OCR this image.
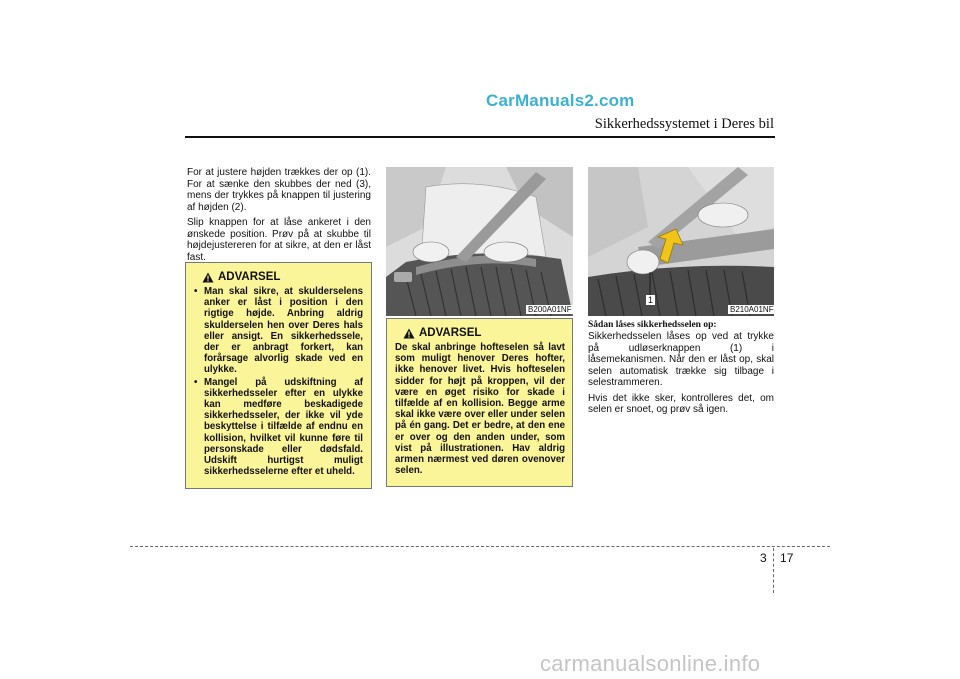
CarManuals2.com
Sikkerhedssystemet i Deres bil

For at justere højden trækkes der op (1). For at sænke den skubbes der ned (3), mens der trykkes på knappen til justering af højden (2).

Slip knappen for at låse ankeret i den ønskede position. Prøv på at skubbe til højdejustereren for at sikre, at den er låst fast.

ADVARSEL
• Man skal sikre, at skulderselens anker er låst i position i den rigtige højde. Anbring aldrig skulderselen hen over Deres hals eller ansigt. En sikkerhedssele, der er anbragt forkert, kan forårsage alvorlig skade ved en ulykke.
• Mangel på udskiftning af sikkerhedsseler efter en ulykke kan medføre beskadigede sikkerhedsseler, der ikke vil yde beskyttelse i tilfælde af endnu en kollision, hvilket vil kunne føre til personskade eller dødsfald. Udskift hurtigst muligt sikkerhedsselerne efter et uheld.
B200A01NF
ADVARSEL
De skal anbringe hofteselen så lavt som muligt henover Deres hofter, ikke henover livet. Hvis hofteselen sidder for højt på kroppen, vil der være en øget risiko for skade i tilfælde af en kollision. Begge arme skal ikke være over eller under selen på én gang. Det er bedre, at den ene er over og den anden under, som vist på illustrationen. Hav aldrig armen nærmest ved døren ovenover selen.
1
B210A01NF

Sådan låses sikkerhedsselen op:

Sikkerhedsselen låses op ved at trykke på udløserknappen (1) i låsemekanismen. Når den er låst op, skal selen automatisk trække sig tilbage i selestrammeren.

Hvis det ikke sker, kontrolleres det, om selen er snoet, og prøv så igen.

3 17
carmanualsonline.info
